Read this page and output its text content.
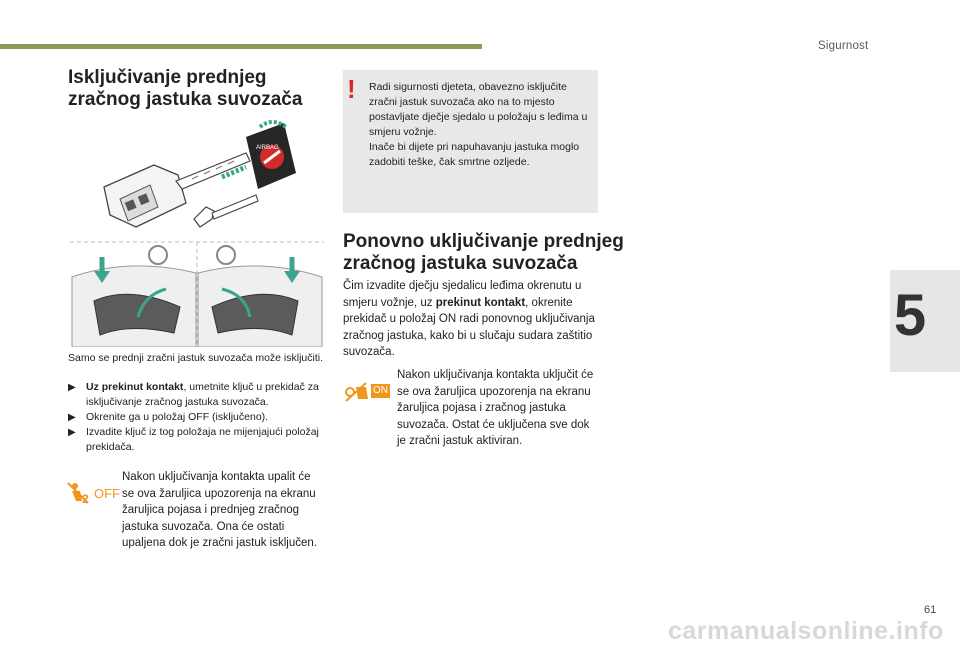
Sigurnost
5
Isključivanje prednjeg
zračnog jastuka suvozača
AIRBAG
Samo se prednji zračni jastuk suvozača može isključiti.
▶ Uz prekinut kontakt, umetnite ključ u prekidač za isključivanje zračnog jastuka suvozača.
▶ Okrenite ga u položaj OFF (isključeno).
▶ Izvadite ključ iz tog položaja ne mijenjajući položaj prekidača.
2 OFF
Nakon uključivanja kontakta upalit će se ova žaruljica upozorenja na ekranu žaruljica pojasa i prednjeg zračnog jastuka suvozača. Ona će ostati upaljena dok je zračni jastuk isključen.
! Radi sigurnosti djeteta, obavezno isključite zračni jastuk suvozača ako na to mjesto postavljate dječje sjedalo u položaju s leđima u smjeru vožnje.
Inače bi dijete pri napuhavanju jastuka moglo zadobiti teške, čak smrtne ozljede.
Ponovno uključivanje prednjeg
zračnog jastuka suvozača
Čim izvadite dječju sjedalicu leđima okrenutu u smjeru vožnje, uz prekinut kontakt, okrenite prekidač u položaj ON radi ponovnog uključivanja zračnog jastuka, kako bi u slučaju sudara zaštitio suvozača.
ON
Nakon uključivanja kontakta uključit će se ova žaruljica upozorenja na ekranu žaruljica pojasa i zračnog jastuka suvozača. Ostat će uključena sve dok je zračni jastuk aktiviran.
61
carmanualsonline.info
